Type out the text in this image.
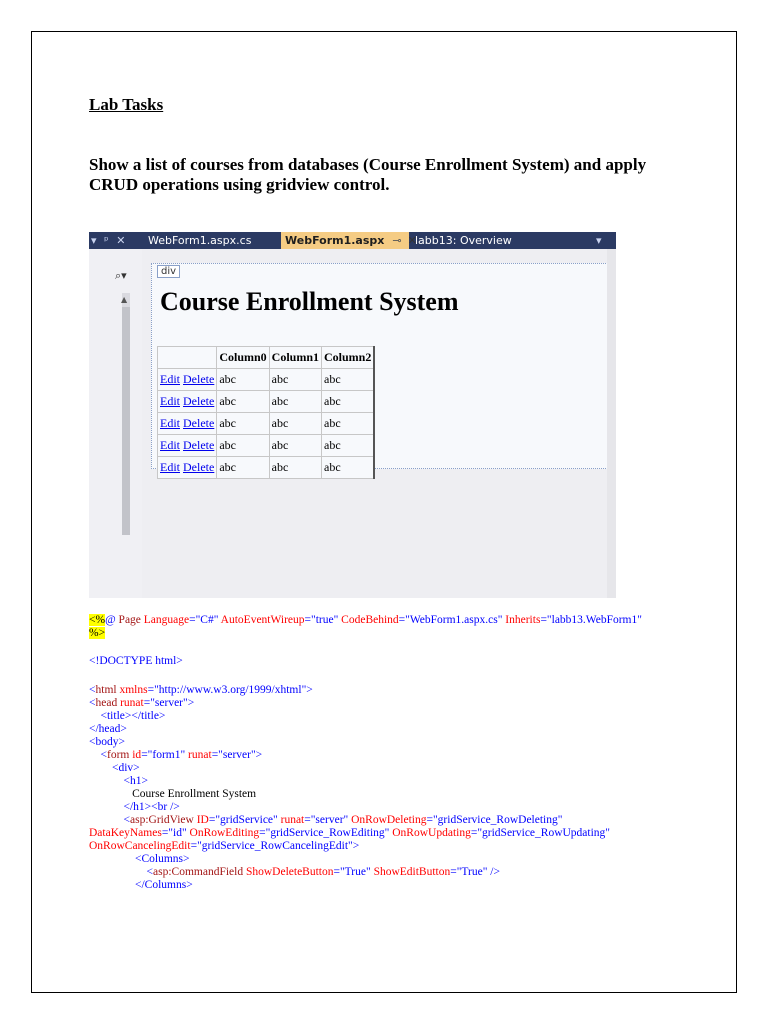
Lab Tasks
Show a list of courses from databases (Course Enrollment System) and apply CRUD operations using gridview control.
▾ ᵖ ✕	WebForm1.aspx.cs	WebForm1.aspx ⊸ ✕
labb13: Overview	▾
⌕▾
▲
div
Course Enrollment System
	Column0	Column1	Column2
Edit Delete	abc	abc	abc
Edit Delete	abc	abc	abc
Edit Delete	abc	abc	abc
Edit Delete	abc	abc	abc
Edit Delete	abc	abc	abc
<%@ Page Language="C#" AutoEventWireup="true" CodeBehind="WebForm1.aspx.cs" Inherits="labb13.WebForm1"
%>
<!DOCTYPE html>
<html xmlns="http://www.w3.org/1999/xhtml">
<head runat="server">
<title></title>
</head>
<body>
<form id="form1" runat="server">
<div>
<h1>
Course Enrollment System
</h1><br />
<asp:GridView ID="gridService" runat="server" OnRowDeleting="gridService_RowDeleting"
DataKeyNames="id" OnRowEditing="gridService_RowEditing" OnRowUpdating="gridService_RowUpdating"
OnRowCancelingEdit="gridService_RowCancelingEdit">
<Columns>
<asp:CommandField ShowDeleteButton="True" ShowEditButton="True" />
</Columns>
